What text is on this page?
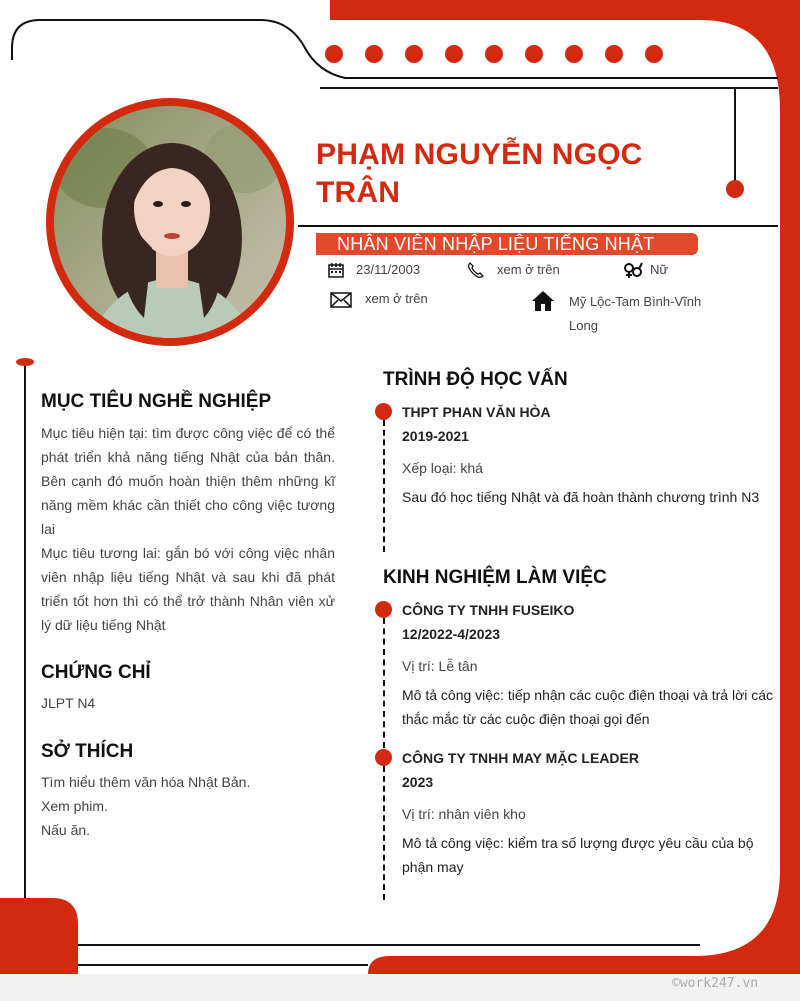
PHẠM NGUYỄN NGỌC TRÂN
NHÂN VIÊN NHẬP LIỆU TIẾNG NHẬT
23/11/2003	xem ở trên	Nữ
xem ở trên	Mỹ Lộc-Tam Bình-Vĩnh Long
MỤC TIÊU NGHỀ NGHIỆP

Mục tiêu hiện tại: tìm được công việc để có thể phát triển khả năng tiếng Nhật của bản thân. Bên cạnh đó muốn hoàn thiện thêm những kĩ năng mềm khác cần thiết cho công việc tương lai

Mục tiêu tương lai: gắn bó với công việc nhân viên nhập liệu tiếng Nhật và sau khi đã phát triển tốt hơn thì có thể trở thành Nhân viên xử lý dữ liệu tiếng Nhật

CHỨNG CHỈ
JLPT N4
SỞ THÍCH
Tìm hiểu thêm văn hóa Nhật Bản.
Xem phim.
Nấu ăn.
TRÌNH ĐỘ HỌC VẤN
THPT PHAN VĂN HÒA
2019-2021
Xếp loại: khá
Sau đó học tiếng Nhật và đã hoàn thành chương trình N3
KINH NGHIỆM LÀM VIỆC
CÔNG TY TNHH FUSEIKO
12/2022-4/2023
Vị trí: Lễ tân
Mô tả công việc: tiếp nhận các cuộc điện thoại và trả lời các thắc mắc từ các cuộc điện thoại gọi đến
CÔNG TY TNHH MAY MẶC LEADER
2023
Vị trí: nhân viên kho
Mô tả công việc: kiểm tra số lượng được yêu cầu của bộ phận may
©work247.vn
